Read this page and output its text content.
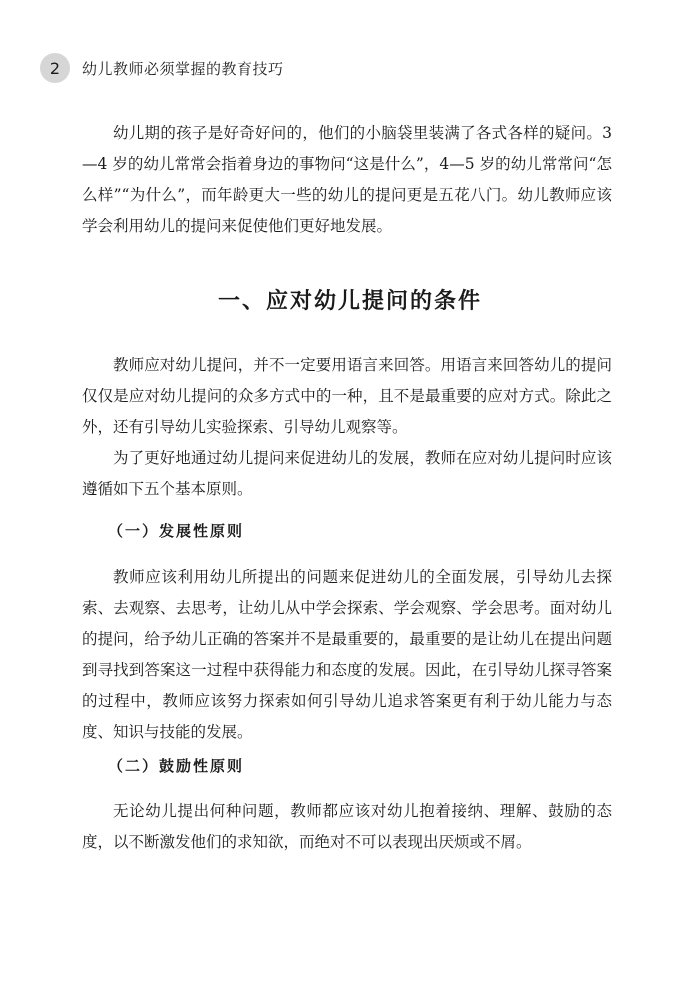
2	幼儿教师必须掌握的教育技巧

幼儿期的孩子是好奇好问的，他们的小脑袋里装满了各式各样的疑问。3—4 岁的幼儿常常会指着身边的事物问“这是什么”，4—5 岁的幼儿常常问“怎么样”“为什么”，而年龄更大一些的幼儿的提问更是五花八门。幼儿教师应该学会利用幼儿的提问来促使他们更好地发展。

一、应对幼儿提问的条件

教师应对幼儿提问，并不一定要用语言来回答。用语言来回答幼儿的提问仅仅是应对幼儿提问的众多方式中的一种，且不是最重要的应对方式。除此之外，还有引导幼儿实验探索、引导幼儿观察等。

为了更好地通过幼儿提问来促进幼儿的发展，教师在应对幼儿提问时应该遵循如下五个基本原则。

（一）发展性原则

教师应该利用幼儿所提出的问题来促进幼儿的全面发展，引导幼儿去探索、去观察、去思考，让幼儿从中学会探索、学会观察、学会思考。面对幼儿的提问，给予幼儿正确的答案并不是最重要的，最重要的是让幼儿在提出问题到寻找到答案这一过程中获得能力和态度的发展。因此，在引导幼儿探寻答案的过程中，教师应该努力探索如何引导幼儿追求答案更有利于幼儿能力与态度、知识与技能的发展。

（二）鼓励性原则

无论幼儿提出何种问题，教师都应该对幼儿抱着接纳、理解、鼓励的态度，以不断激发他们的求知欲，而绝对不可以表现出厌烦或不屑。
